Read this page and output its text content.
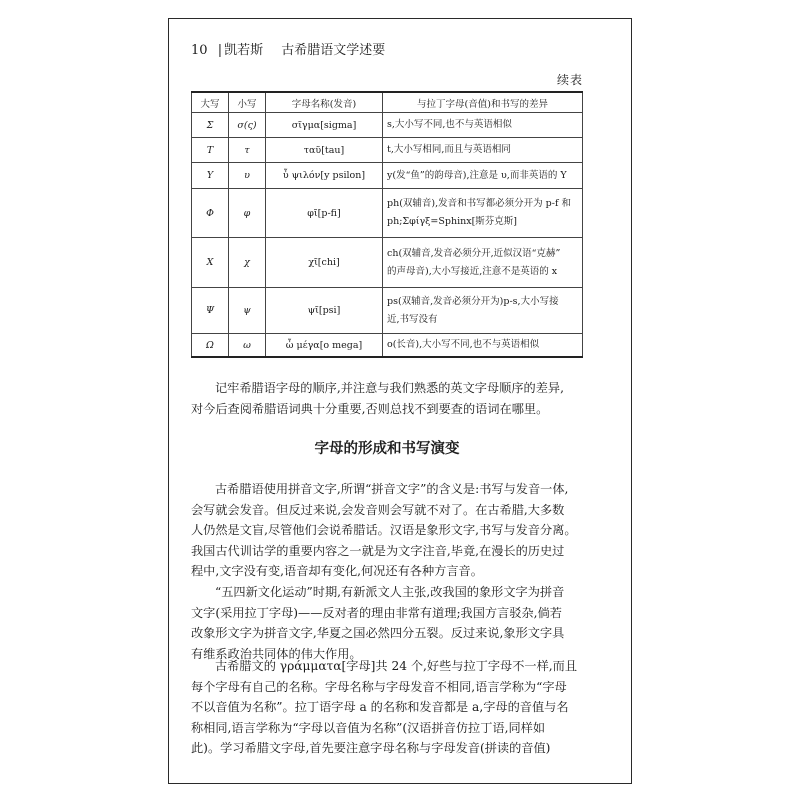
10 | 凯若斯 古希腊语文学述要
续表
大写	小写	字母名称(发音)	与拉丁字母(音值)和书写的差异
Σ	σ(ς)	σῖγμα[sigma]	s,大小写不同,也不与英语相似
T	τ	ταῦ[tau]	t,大小写相同,而且与英语相同
Υ	υ	ὖ ψιλόν[y psilon]	y(发“鱼”的韵母音),注意是 υ,而非英语的 Y
Φ	φ	φῖ[p-fi]	ph(双辅音),发音和书写都必须分开为 p-f 和
ph;Σφίγξ=Sphinx[斯芬克斯]
X	χ	χῖ[chi]	ch(双辅音,发音必须分开,近似汉语“克赫”
的声母音),大小写接近,注意不是英语的 x
Ψ	ψ	ψῖ[psi]	ps(双辅音,发音必须分开为)p-s,大小写接
近,书写没有
Ω	ω	ὦ μέγα[o mega]	o(长音),大小写不同,也不与英语相似
记牢希腊语字母的顺序,并注意与我们熟悉的英文字母顺序的差异,
对今后查阅希腊语词典十分重要,否则总找不到要查的语词在哪里。
字母的形成和书写演变
古希腊语使用拼音文字,所谓“拼音文字”的含义是:书写与发音一体,
会写就会发音。但反过来说,会发音则会写就不对了。在古希腊,大多数
人仍然是文盲,尽管他们会说希腊话。汉语是象形文字,书写与发音分离。
我国古代训诂学的重要内容之一就是为文字注音,毕竟,在漫长的历史过
程中,文字没有变,语音却有变化,何况还有各种方言音。
“五四新文化运动”时期,有新派文人主张,改我国的象形文字为拼音
文字(采用拉丁字母)——反对者的理由非常有道理;我国方言驳杂,倘若
改象形文字为拼音文字,华夏之国必然四分五裂。反过来说,象形文字具
有维系政治共同体的伟大作用。
古希腊文的 γράμματα[字母]共 24 个,好些与拉丁字母不一样,而且
每个字母有自己的名称。字母名称与字母发音不相同,语言学称为“字母
不以音值为名称”。拉丁语字母 a 的名称和发音都是 a,字母的音值与名
称相同,语言学称为“字母以音值为名称”(汉语拼音仿拉丁语,同样如
此)。学习希腊文字母,首先要注意字母名称与字母发音(拼读的音值)
